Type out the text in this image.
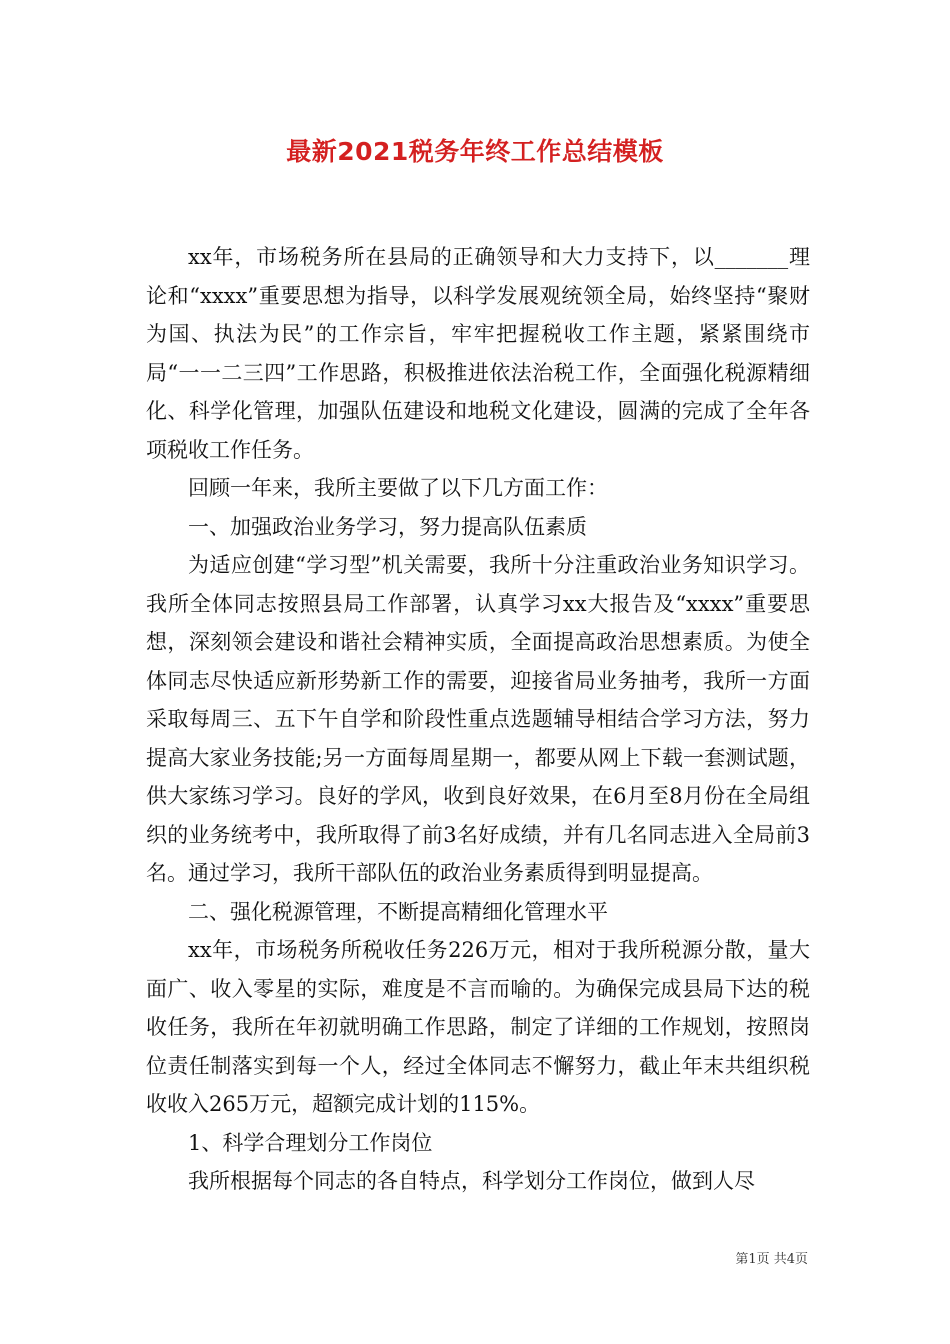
最新2021税务年终工作总结模板

xx年，市场税务所在县局的正确领导和大力支持下，以_______理论和“xxxx”重要思想为指导，以科学发展观统领全局，始终坚持“聚财为国、执法为民”的工作宗旨，牢牢把握税收工作主题，紧紧围绕市局“一一二三四”工作思路，积极推进依法治税工作，全面强化税源精细化、科学化管理，加强队伍建设和地税文化建设，圆满的完成了全年各项税收工作任务。

回顾一年来，我所主要做了以下几方面工作：

一、加强政治业务学习，努力提高队伍素质

为适应创建“学习型”机关需要，我所十分注重政治业务知识学习。我所全体同志按照县局工作部署，认真学习xx大报告及“xxxx”重要思想，深刻领会建设和谐社会精神实质，全面提高政治思想素质。为使全体同志尽快适应新形势新工作的需要，迎接省局业务抽考，我所一方面采取每周三、五下午自学和阶段性重点选题辅导相结合学习方法，努力提高大家业务技能;另一方面每周星期一，都要从网上下载一套测试题，供大家练习学习。良好的学风，收到良好效果，在6月至8月份在全局组织的业务统考中，我所取得了前3名好成绩，并有几名同志进入全局前3名。通过学习，我所干部队伍的政治业务素质得到明显提高。

二、强化税源管理，不断提高精细化管理水平

xx年，市场税务所税收任务226万元，相对于我所税源分散，量大面广、收入零星的实际，难度是不言而喻的。为确保完成县局下达的税收任务，我所在年初就明确工作思路，制定了详细的工作规划，按照岗位责任制落实到每一个人，经过全体同志不懈努力，截止年末共组织税收收入265万元，超额完成计划的115%。

1、科学合理划分工作岗位

我所根据每个同志的各自特点，科学划分工作岗位，做到人尽

第1页 共4页
